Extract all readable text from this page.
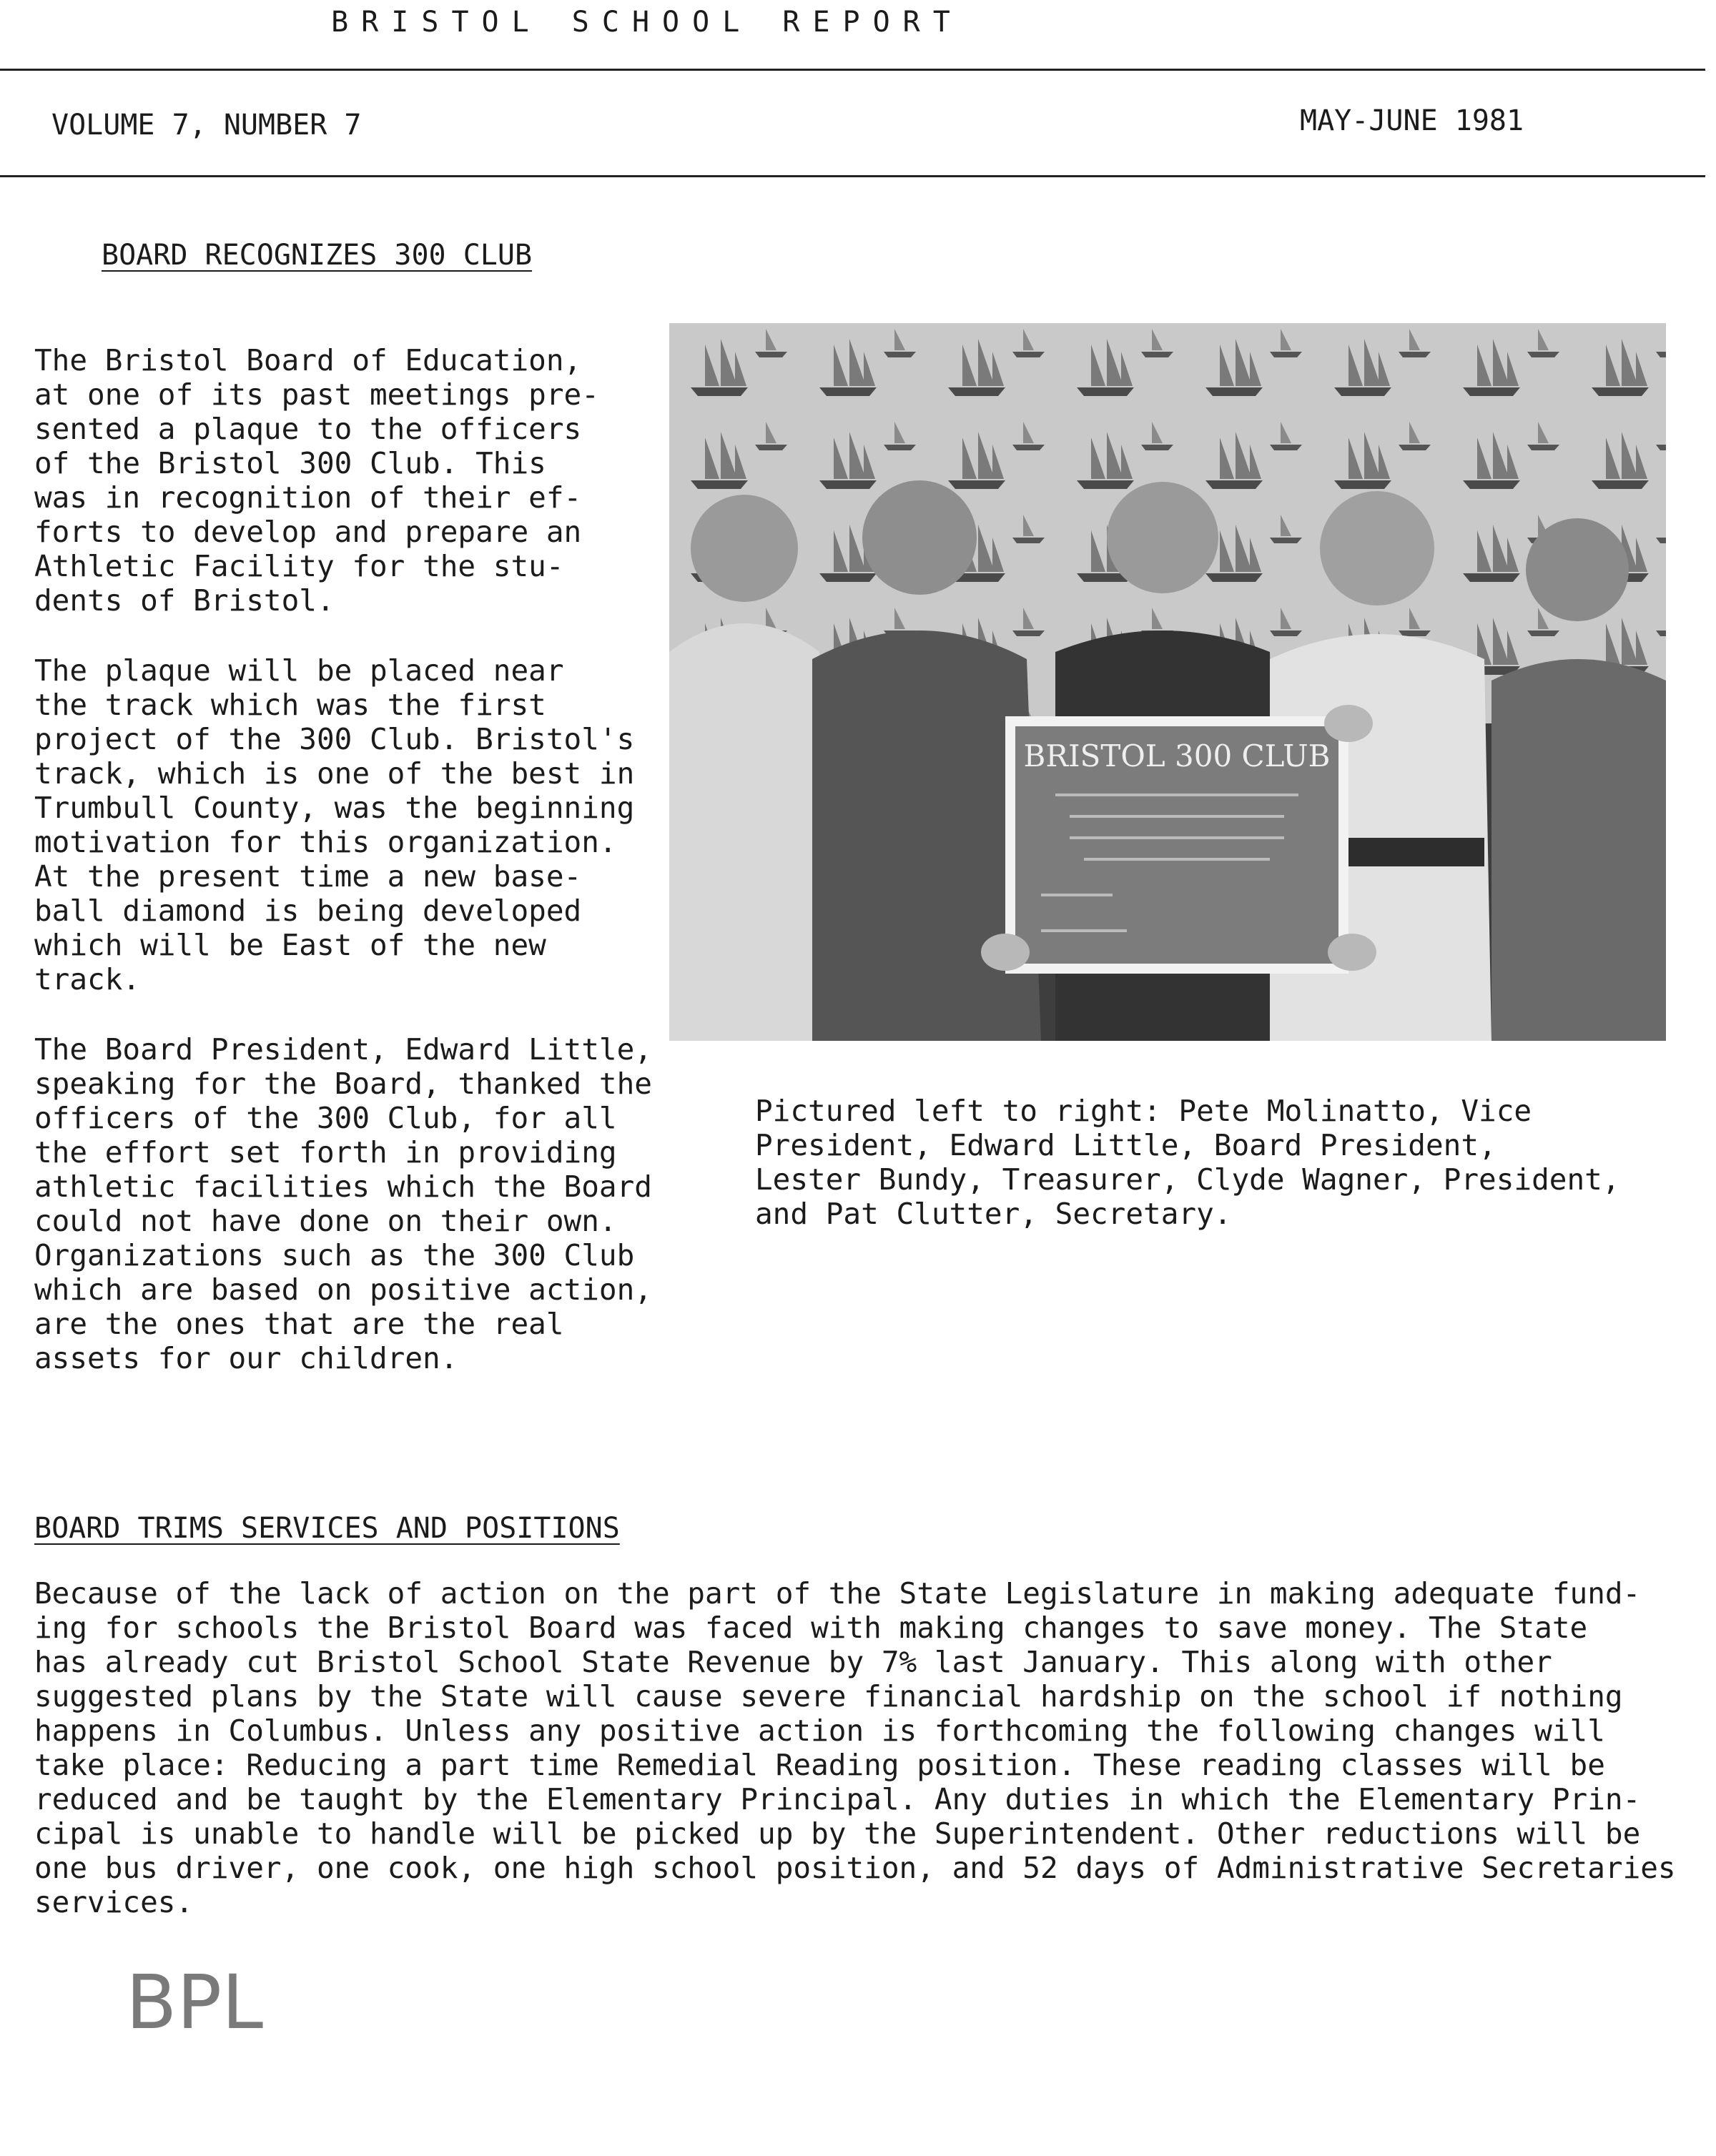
BRISTOL SCHOOL REPORT
VOLUME 7, NUMBER 7	MAY-JUNE 1981
BOARD RECOGNIZES 300 CLUB

The Bristol Board of Education,
at one of its past meetings pre-
sented a plaque to the officers
of the Bristol 300 Club. This
was in recognition of their ef-
forts to develop and prepare an
Athletic Facility for the stu-
dents of Bristol.

The plaque will be placed near
the track which was the first
project of the 300 Club. Bristol's
track, which is one of the best in
Trumbull County, was the beginning
motivation for this organization.
At the present time a new base-
ball diamond is being developed
which will be East of the new
track.

The Board President, Edward Little,
speaking for the Board, thanked the
officers of the 300 Club, for all
the effort set forth in providing
athletic facilities which the Board
could not have done on their own.
Organizations such as the 300 Club
which are based on positive action,
are the ones that are the real
assets for our children.

BRISTOL 300 CLUB
Pictured left to right: Pete Molinatto, Vice
President, Edward Little, Board President,
Lester Bundy, Treasurer, Clyde Wagner, President,
and Pat Clutter, Secretary.
BOARD TRIMS SERVICES AND POSITIONS
Because of the lack of action on the part of the State Legislature in making adequate fund-
ing for schools the Bristol Board was faced with making changes to save money. The State
has already cut Bristol School State Revenue by 7% last January. This along with other
suggested plans by the State will cause severe financial hardship on the school if nothing
happens in Columbus. Unless any positive action is forthcoming the following changes will
take place: Reducing a part time Remedial Reading position. These reading classes will be
reduced and be taught by the Elementary Principal. Any duties in which the Elementary Prin-
cipal is unable to handle will be picked up by the Superintendent. Other reductions will be
one bus driver, one cook, one high school position, and 52 days of Administrative Secretaries
services.
BPL
